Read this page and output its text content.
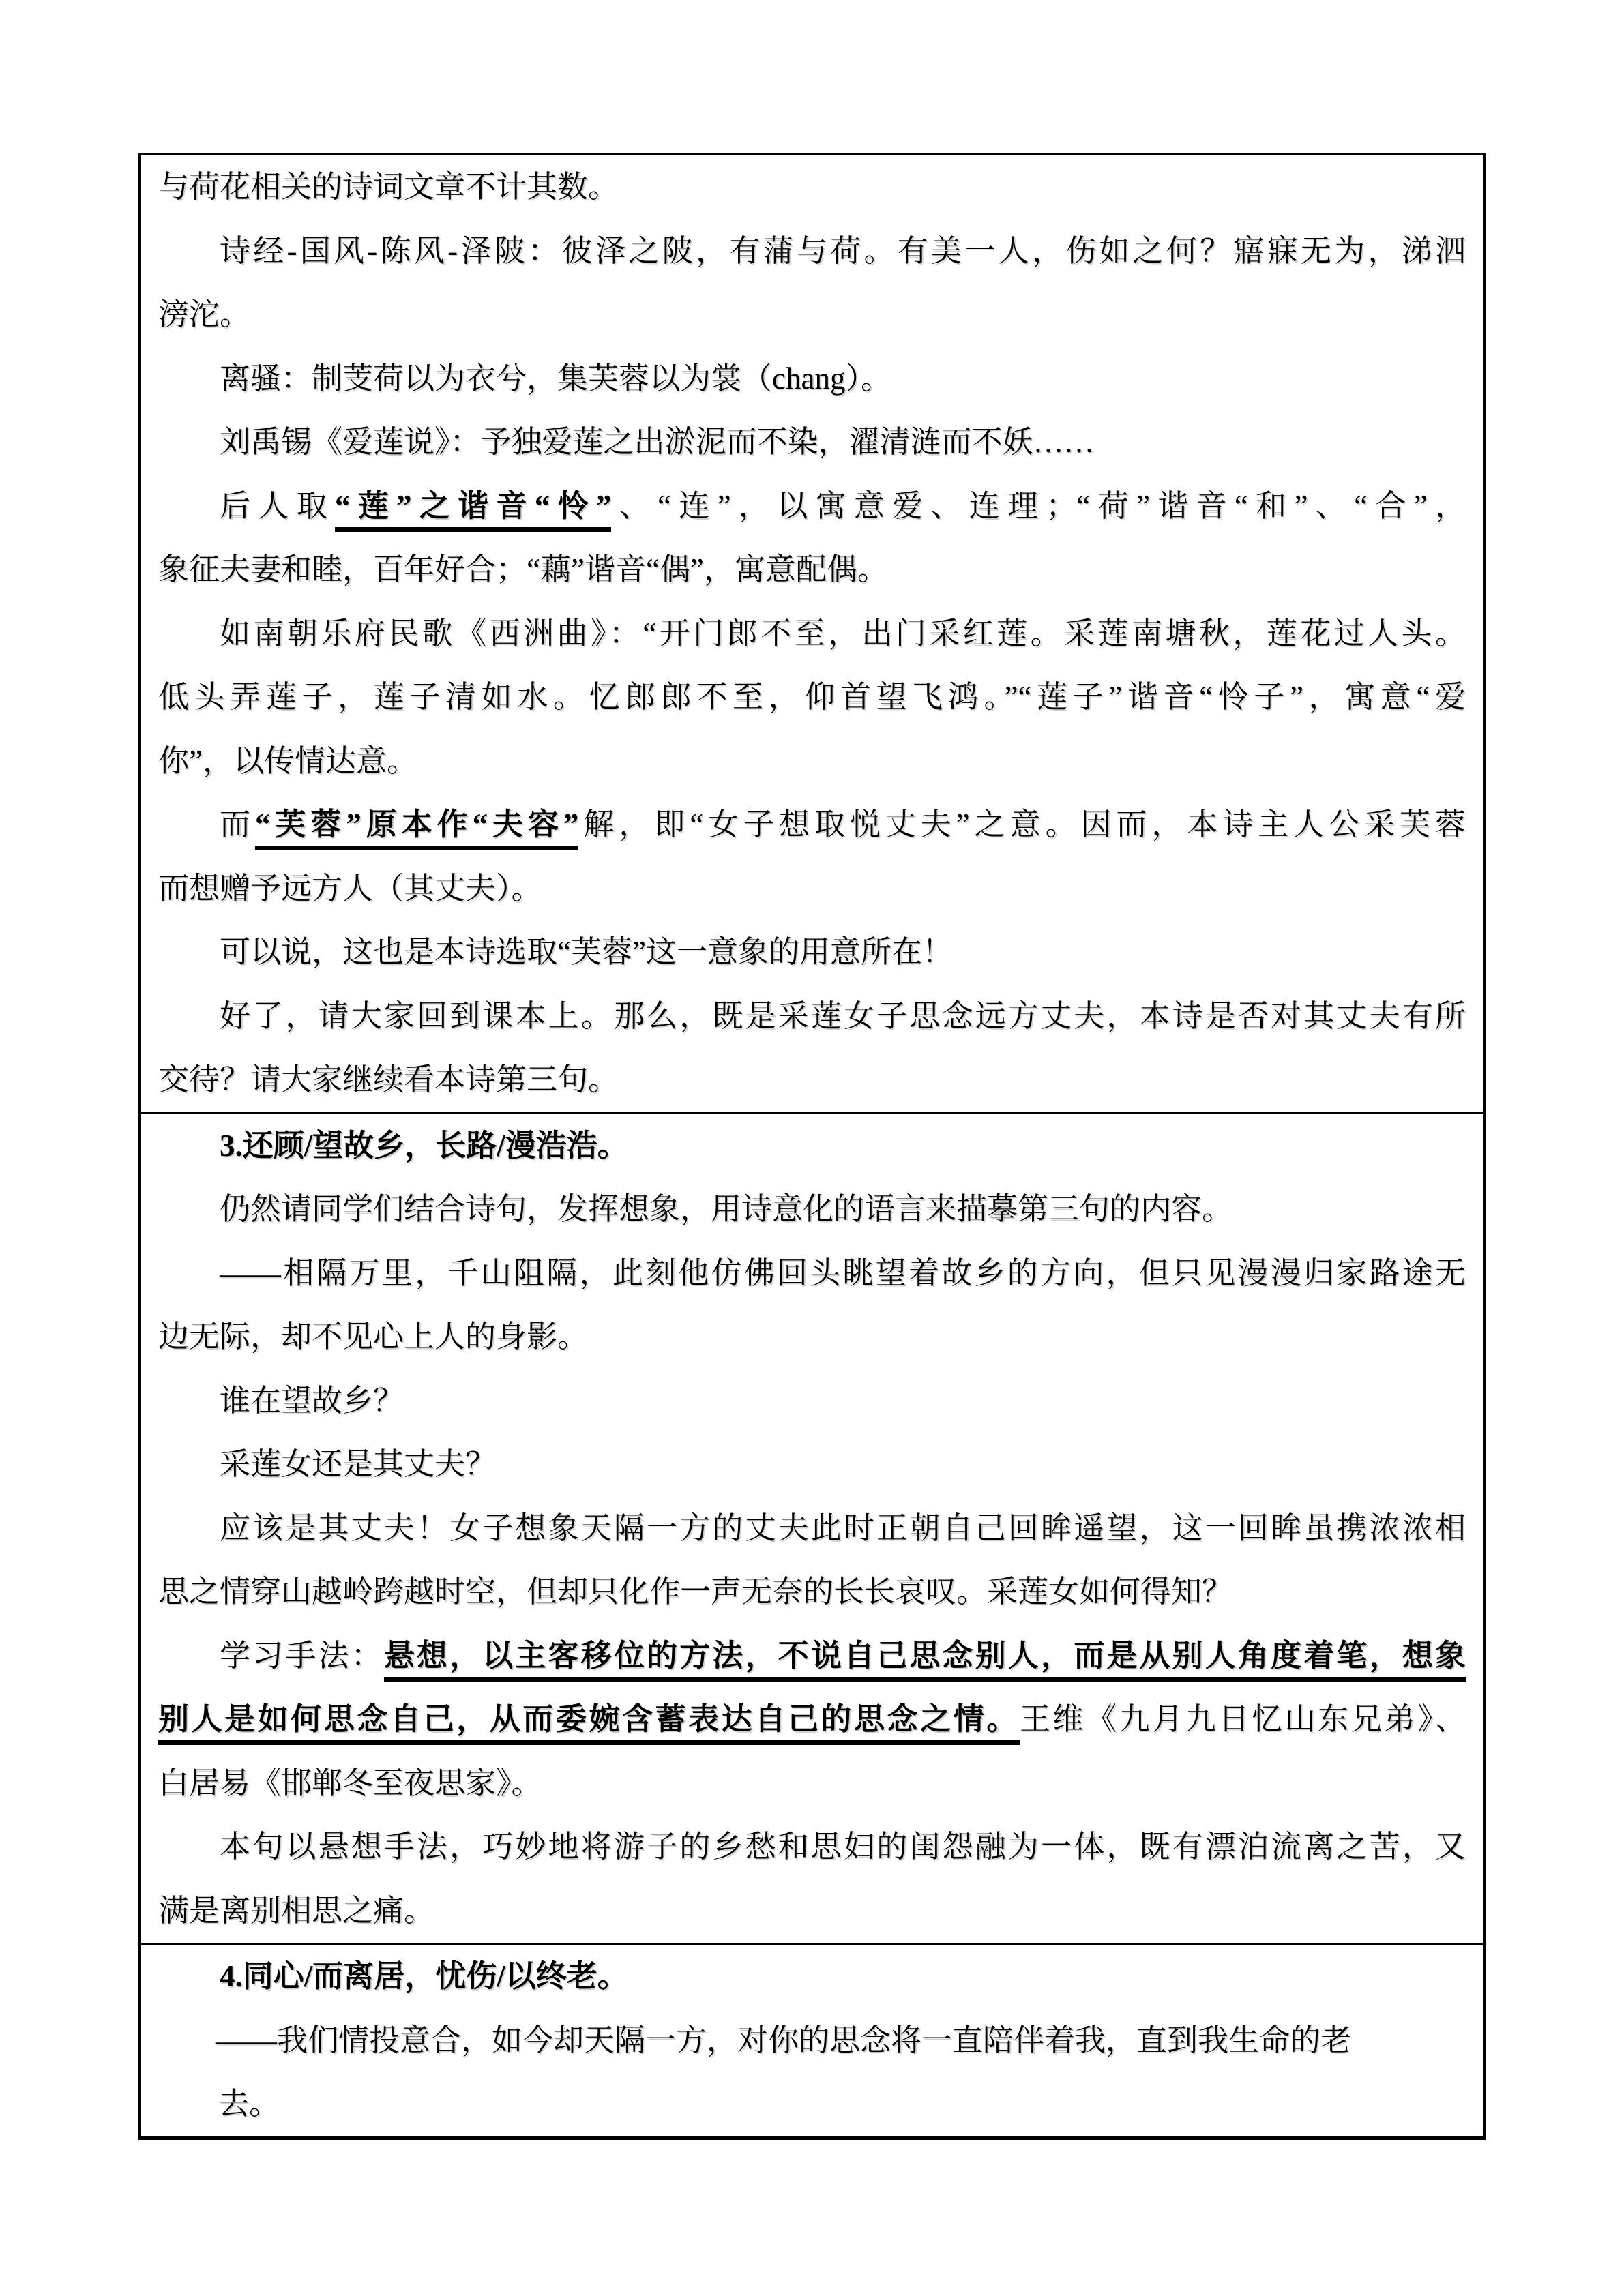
与荷花相关的诗词文章不计其数。
诗经-国风-陈风-泽陂：彼泽之陂，有蒲与荷。有美一人，伤如之何？寤寐无为，涕泗
滂沱。
离骚：制芰荷以为衣兮，集芙蓉以为裳（chang）。
刘禹锡《爱莲说》：予独爱莲之出淤泥而不染，濯清涟而不妖……
后人取“莲”之谐音“怜”、“连”，以寓意爱、连理；“荷”谐音“和”、“合”，
象征夫妻和睦，百年好合；“藕”谐音“偶”，寓意配偶。
如南朝乐府民歌《西洲曲》：“开门郎不至，出门采红莲。采莲南塘秋，莲花过人头。
低头弄莲子，莲子清如水。忆郎郎不至，仰首望飞鸿。”“莲子”谐音“怜子”，寓意“爱
你”，以传情达意。
而“芙蓉”原本作“夫容”解，即“女子想取悦丈夫”之意。因而，本诗主人公采芙蓉
而想赠予远方人（其丈夫）。
可以说，这也是本诗选取“芙蓉”这一意象的用意所在！
好了，请大家回到课本上。那么，既是采莲女子思念远方丈夫，本诗是否对其丈夫有所
交待？请大家继续看本诗第三句。
3.还顾/望故乡，长路/漫浩浩。
仍然请同学们结合诗句，发挥想象，用诗意化的语言来描摹第三句的内容。
——相隔万里，千山阻隔，此刻他仿佛回头眺望着故乡的方向，但只见漫漫归家路途无
边无际，却不见心上人的身影。
谁在望故乡？
采莲女还是其丈夫？
应该是其丈夫！女子想象天隔一方的丈夫此时正朝自己回眸遥望，这一回眸虽携浓浓相
思之情穿山越岭跨越时空，但却只化作一声无奈的长长哀叹。采莲女如何得知？
学习手法：悬想，以主客移位的方法，不说自己思念别人，而是从别人角度着笔，想象
别人是如何思念自己，从而委婉含蓄表达自己的思念之情。王维《九月九日忆山东兄弟》、
白居易《邯郸冬至夜思家》。
本句以悬想手法，巧妙地将游子的乡愁和思妇的闺怨融为一体，既有漂泊流离之苦，又
满是离别相思之痛。
4.同心/而离居，忧伤/以终老。
——我们情投意合，如今却天隔一方，对你的思念将一直陪伴着我，直到我生命的老
去。
